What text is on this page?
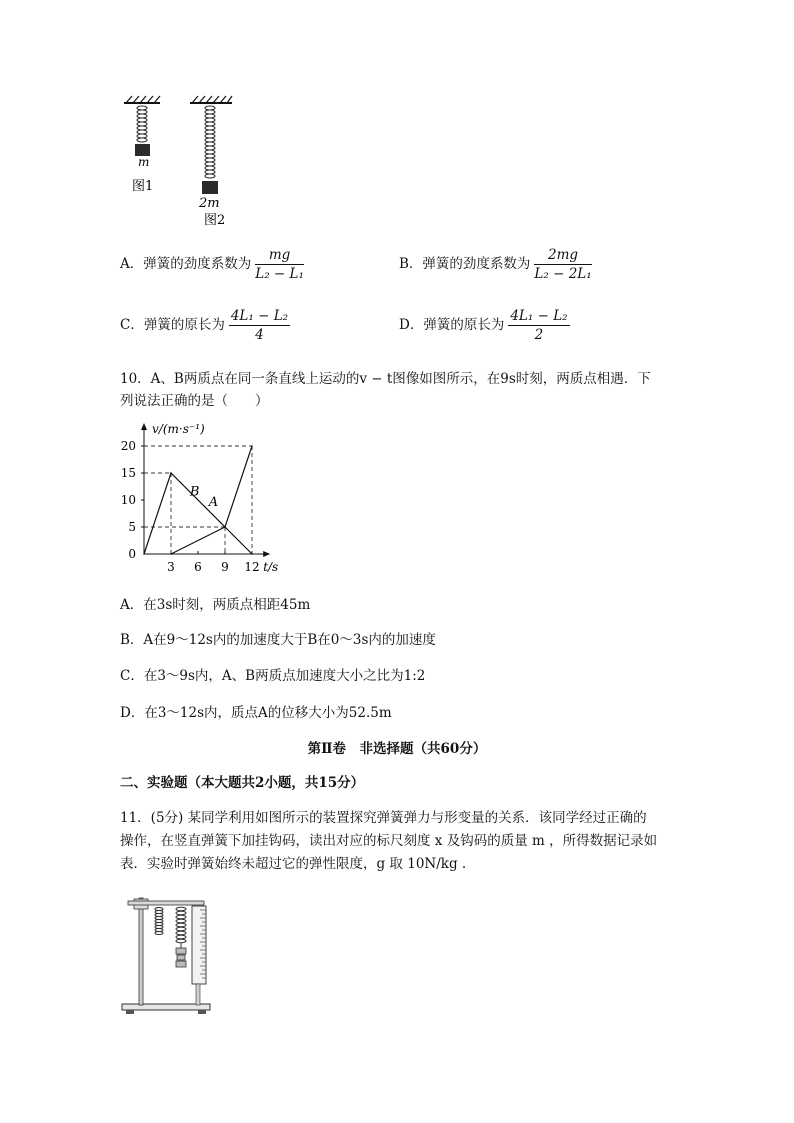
m
图1
2m
图2
A．弹簧的劲度系数为 $\frac{mg}{\text{L₂ − L₁}}$	B．弹簧的劲度系数为 $\frac{2mg}{\text{L₂ − 2L₁}}$
C．弹簧的原长为 $\frac{\text{4L₁ − L₂}}{4}$	D．弹簧的原长为 $\frac{\text{4L₁ − L₂}}{2}$
10．A、B两质点在同一条直线上运动的v − t图像如图所示，在9s时刻，两质点相遇．下
列说法正确的是（　　）
0
5
10
15
20
3 6 9 12
v/(m·s⁻¹)
t/s
A
B
A．在3s时刻，两质点相距45m
B．A在9～12s内的加速度大于B在0～3s内的加速度
C．在3～9s内，A、B两质点加速度大小之比为1:2
D．在3～12s内，质点A的位移大小为52.5m
第Ⅱ卷　非选择题（共60分）
二、实验题（本大题共2小题，共15分）
11．(5分) 某同学利用如图所示的装置探究弹簧弹力与形变量的关系．该同学经过正确的
操作，在竖直弹簧下加挂钩码，读出对应的标尺刻度 x 及钩码的质量 m ，所得数据记录如
表．实验时弹簧始终未超过它的弹性限度，g 取 10N/kg .
